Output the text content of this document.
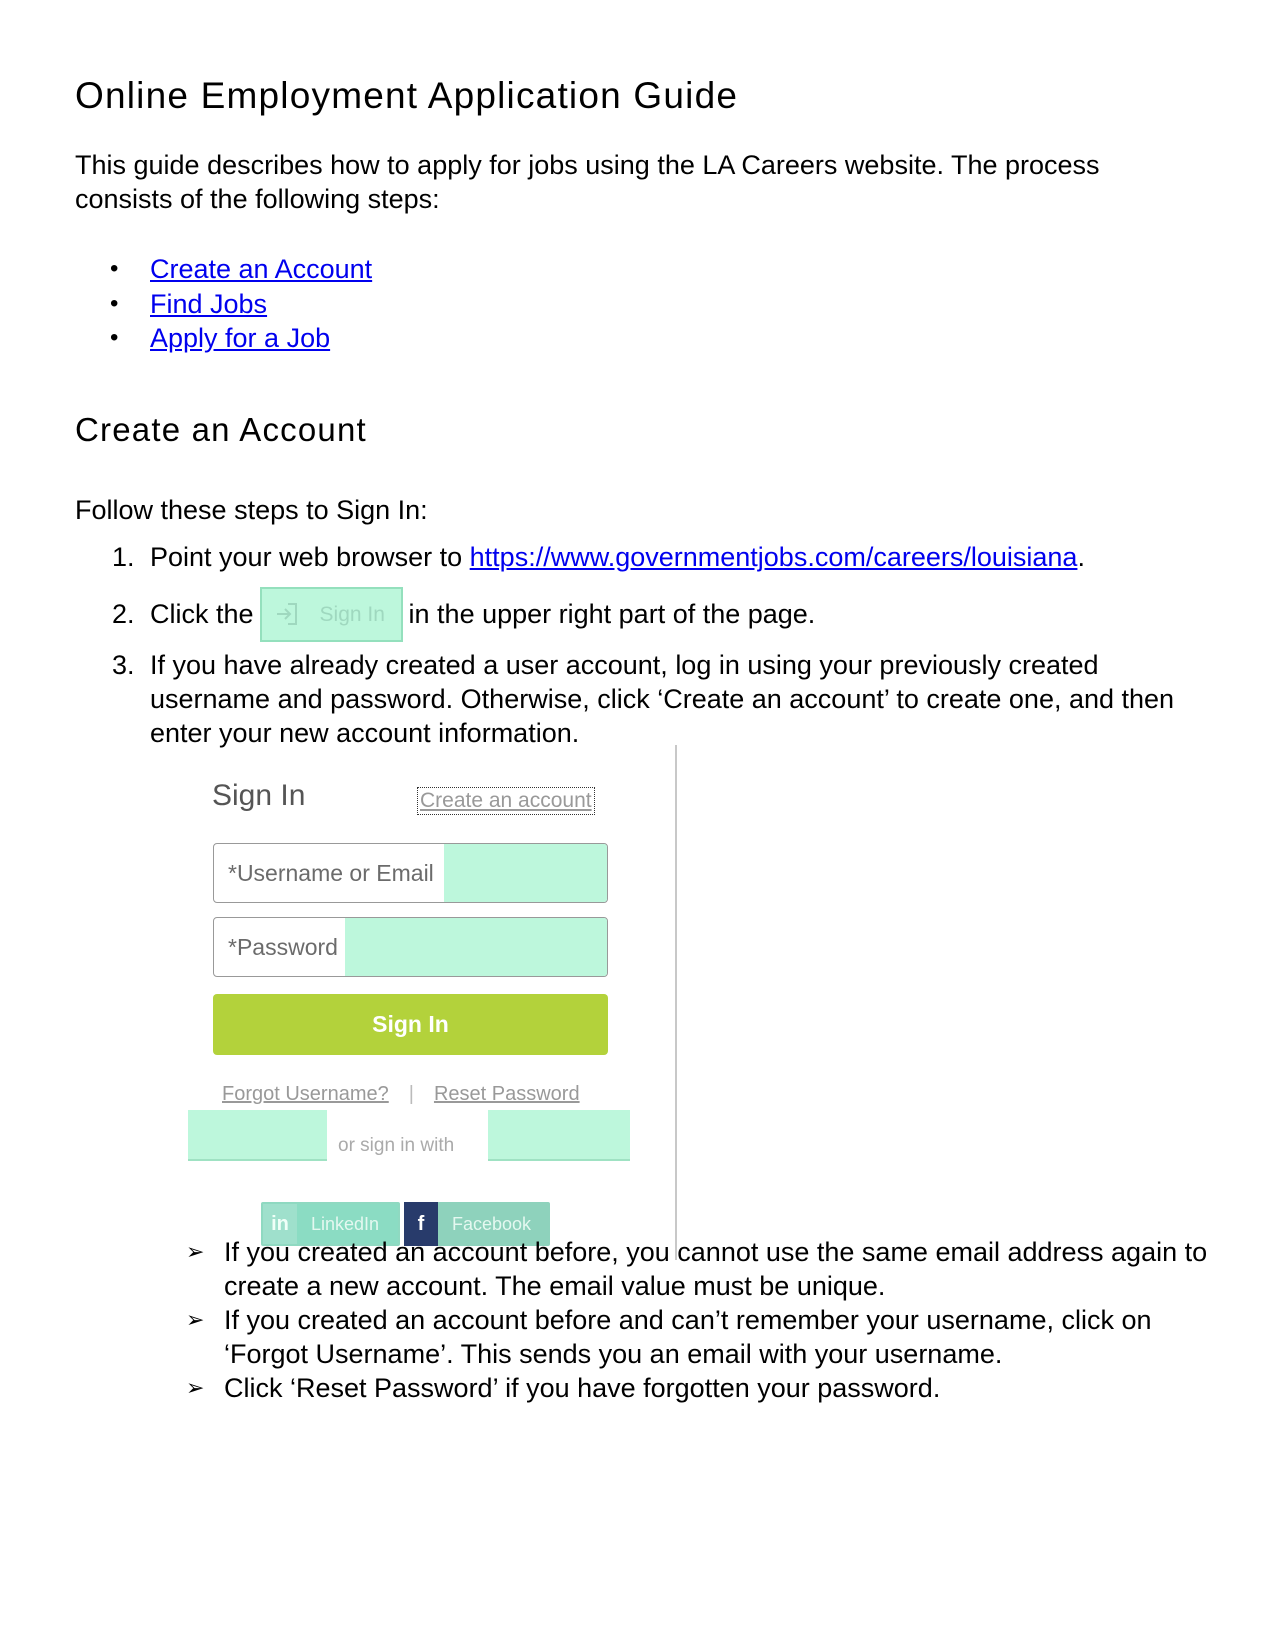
Online Employment Application Guide

This guide describes how to apply for jobs using the LA Careers website. The process consists of the following steps:

• Create an Account
• Find Jobs
• Apply for a Job
Create an Account

Follow these steps to Sign In:

1. Point your web browser to https://www.governmentjobs.com/careers/louisiana.
2. Click the	Sign In in the upper right part of the page.
3. If you have already created a user account, log in using your previously created username and password. Otherwise, click ‘Create an account’ to create one, and then enter your new account information.
Sign In	Create an account
*Username or Email
*Password
Sign In
Forgot Username? | Reset Password
or sign in with
in	LinkedIn	f	Facebook
➢ If you created an account before, you cannot use the same email address again to create a new account. The email value must be unique.
➢ If you created an account before and can’t remember your username, click on ‘Forgot Username’. This sends you an email with your username.
➢ Click ‘Reset Password’ if you have forgotten your password.
